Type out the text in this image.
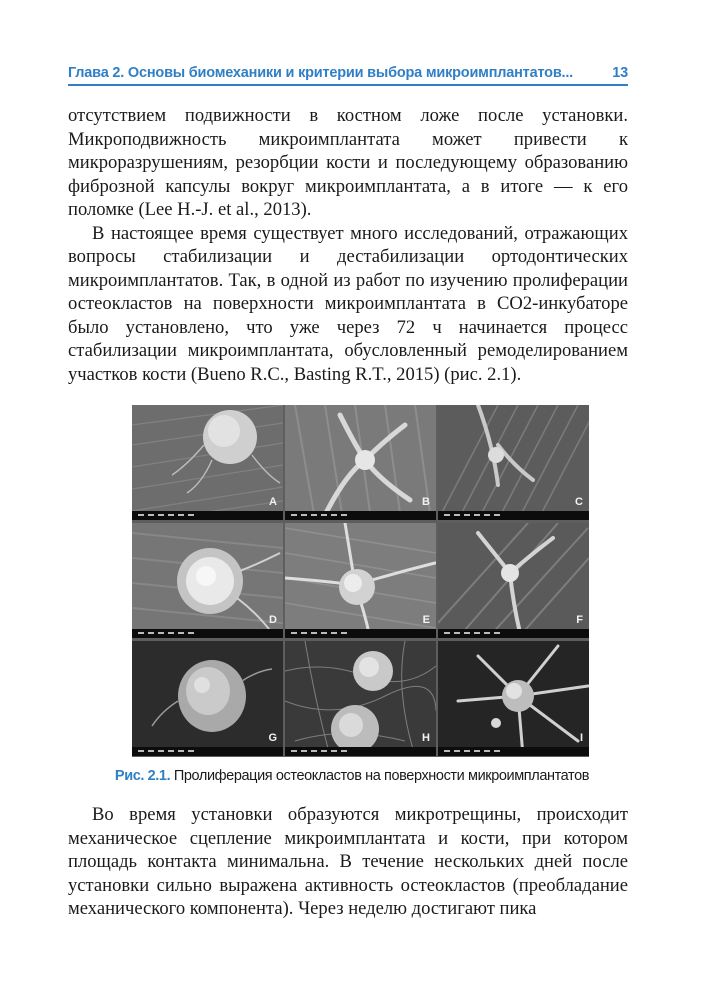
Глава 2. Основы биомеханики и критерии выбора микроимплантатов...	13

отсутствием подвижности в костном ложе после установки. Микроподвижность микроимплантата может привести к микроразрушениям, резорбции кости и последующему образованию фиброзной капсулы вокруг микроимплантата, а в итоге — к его поломке (Lee H.-J. et al., 2013).

В настоящее время существует много исследований, отражающих вопросы стабилизации и дестабилизации ортодонтических микроимплантатов. Так, в одной из работ по изучению пролиферации остеокластов на поверхности микроимплантата в CO2-инкубаторе было установлено, что уже через 72 ч начинается процесс стабилизации микроимплантата, обусловленный ремоделированием участков кости (Bueno R.C., Basting R.T., 2015) (рис. 2.1).

A	B	C
D	E	F
G	H	I
Рис. 2.1. Пролиферация остеокластов на поверхности микроимплантатов

Во время установки образуются микротрещины, происходит механическое сцепление микроимплантата и кости, при котором площадь контакта минимальна. В течение нескольких дней после установки сильно выражена активность остеокластов (преобладание механического компонента). Через неделю достигают пика
